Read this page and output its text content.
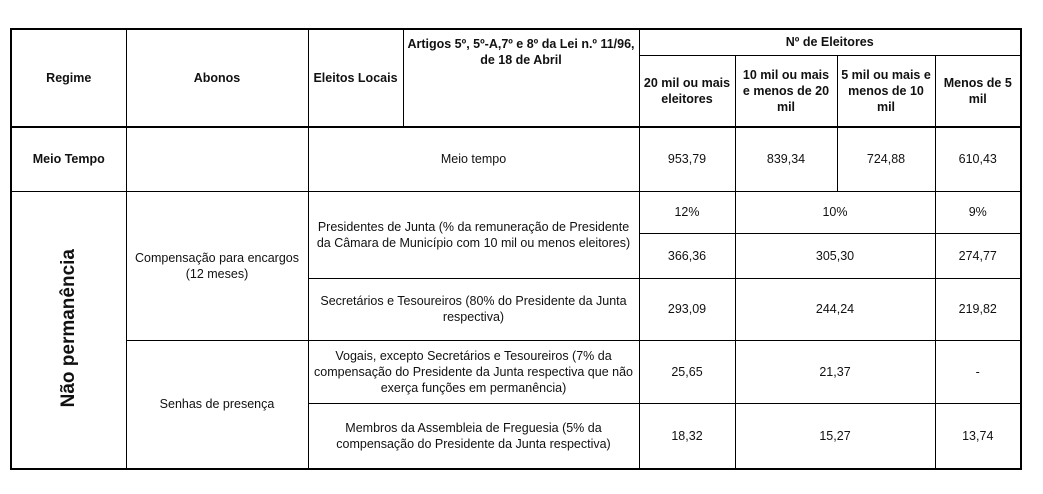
Regime	Abonos	Eleitos Locais	Artigos 5º, 5º-A,7º e 8º da Lei n.º 11/96, de 18 de Abril	Nº de Eleitores			
				20 mil ou mais eleitores	10 mil ou mais e menos de 20 mil	5 mil ou mais e menos de 10 mil	Menos de 5 mil
Meio Tempo		Meio tempo		953,79	839,34	724,88	610,43
Não permanência	Compensação para encargos (12 meses)	Presidentes de Junta (% da remuneração de Presidente da Câmara de Município com 10 mil ou menos eleitores)		12%	10%		9%
				366,36	305,30		274,77
		Secretários e Tesoureiros (80% do Presidente da Junta respectiva)		293,09	244,24		219,82
	Senhas de presença	Vogais, excepto Secretários e Tesoureiros (7% da compensação do Presidente da Junta respectiva que não exerça funções em permanência)		25,65	21,37		-
		Membros da Assembleia de Freguesia (5% da compensação do Presidente da Junta respectiva)		18,32	15,27		13,74
